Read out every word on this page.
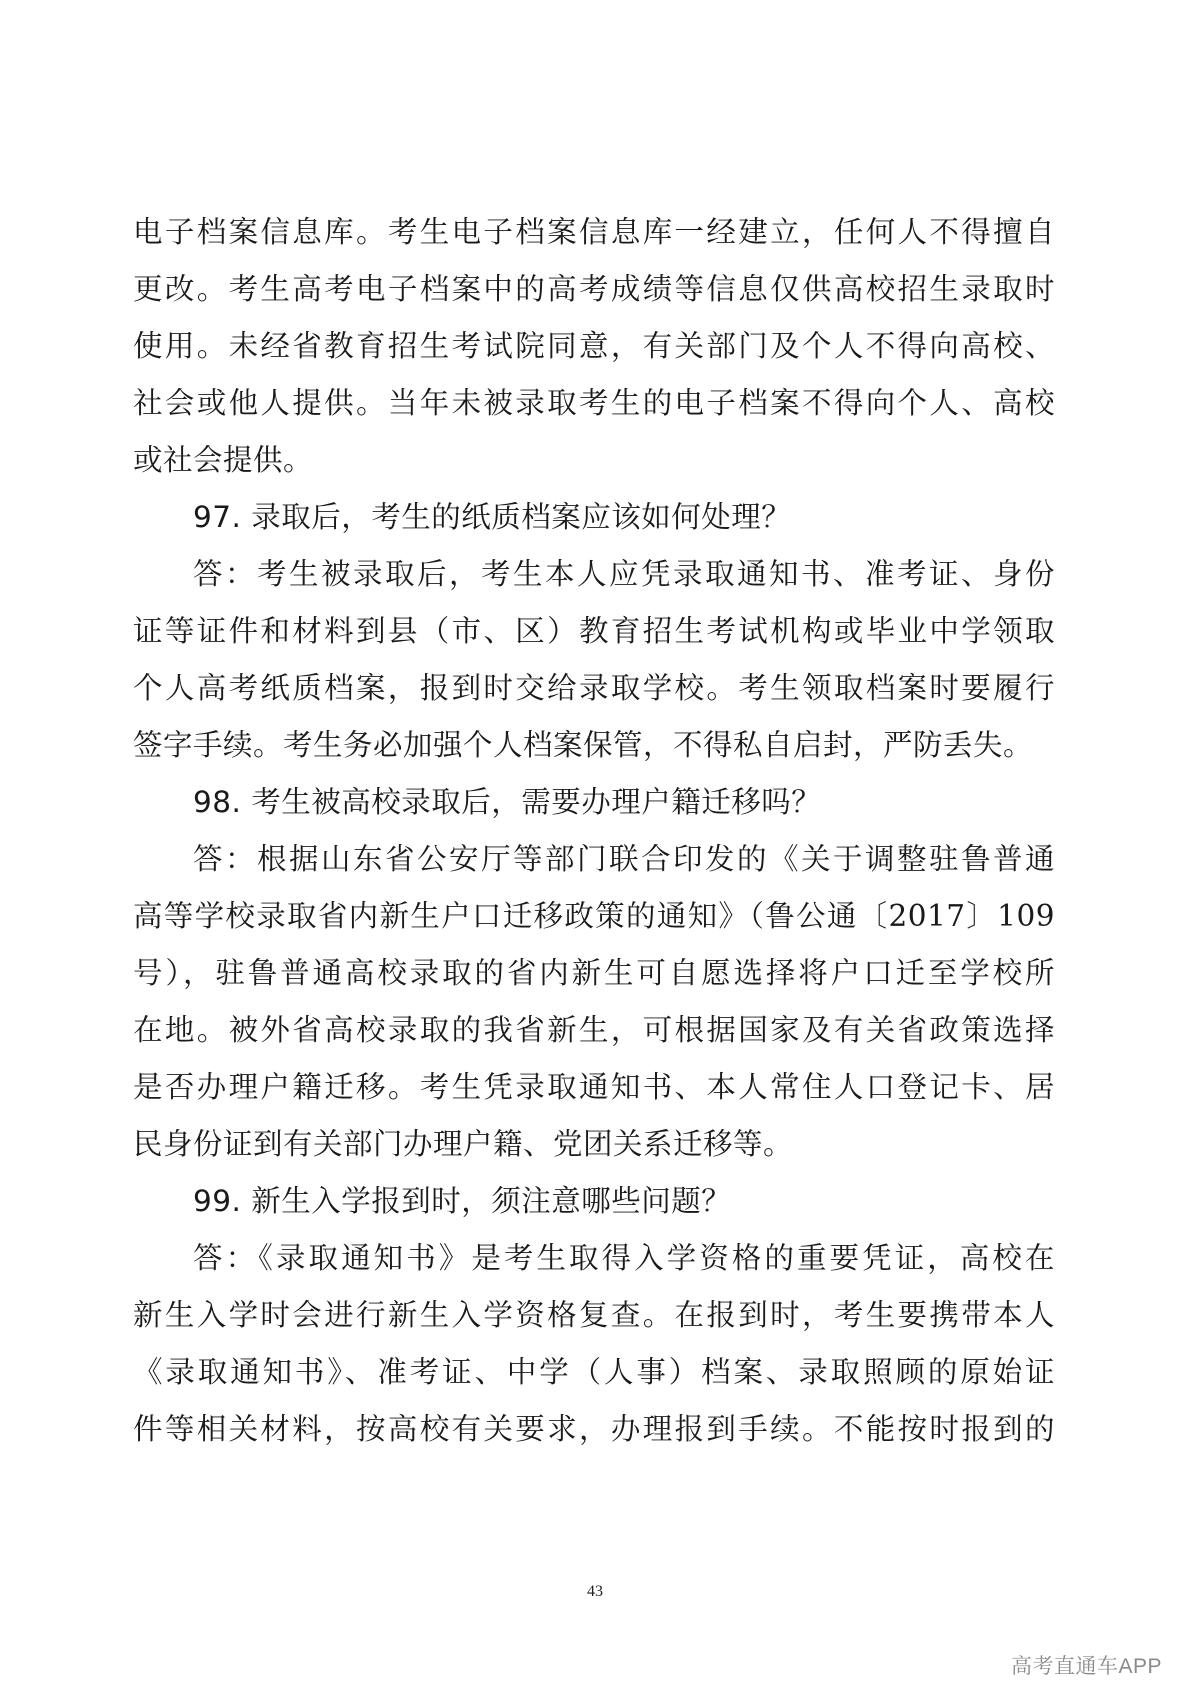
电子档案信息库。考生电子档案信息库一经建立，任何人不得擅自
更改。考生高考电子档案中的高考成绩等信息仅供高校招生录取时
使用。未经省教育招生考试院同意，有关部门及个人不得向高校、
社会或他人提供。当年未被录取考生的电子档案不得向个人、高校
或社会提供。
97. 录取后，考生的纸质档案应该如何处理？
答：考生被录取后，考生本人应凭录取通知书、准考证、身份
证等证件和材料到县（市、区）教育招生考试机构或毕业中学领取
个人高考纸质档案，报到时交给录取学校。考生领取档案时要履行
签字手续。考生务必加强个人档案保管，不得私自启封，严防丢失。
98. 考生被高校录取后，需要办理户籍迁移吗？
答：根据山东省公安厅等部门联合印发的《关于调整驻鲁普通
高等学校录取省内新生户口迁移政策的通知》（鲁公通〔2017〕109
号），驻鲁普通高校录取的省内新生可自愿选择将户口迁至学校所
在地。被外省高校录取的我省新生，可根据国家及有关省政策选择
是否办理户籍迁移。考生凭录取通知书、本人常住人口登记卡、居
民身份证到有关部门办理户籍、党团关系迁移等。
99. 新生入学报到时，须注意哪些问题？
答：《录取通知书》是考生取得入学资格的重要凭证，高校在
新生入学时会进行新生入学资格复查。在报到时，考生要携带本人
《录取通知书》、准考证、中学（人事）档案、录取照顾的原始证
件等相关材料，按高校有关要求，办理报到手续。不能按时报到的
43
高考直通车APP
